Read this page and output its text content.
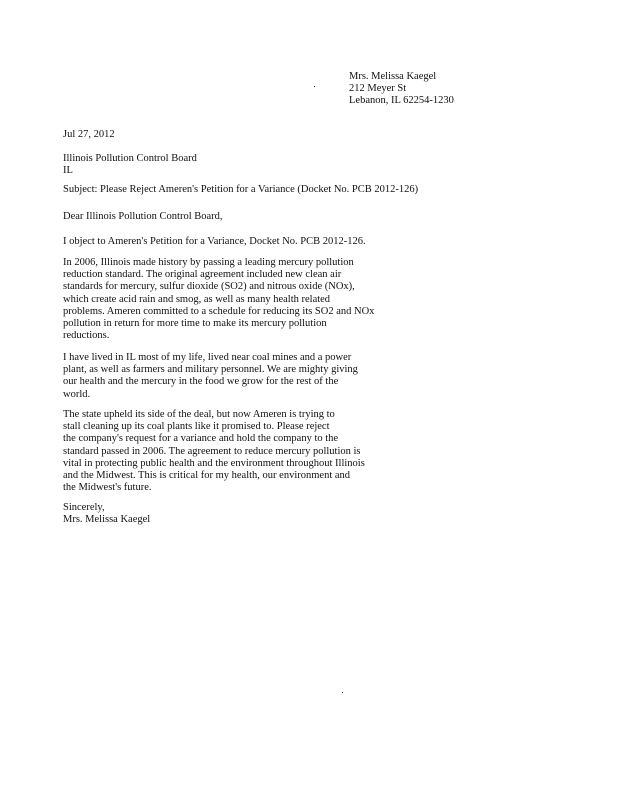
Mrs. Melissa Kaegel
212 Meyer St
Lebanon, IL 62254-1230
Jul 27, 2012
Illinois Pollution Control Board
IL
Subject: Please Reject Ameren's Petition for a Variance (Docket No. PCB 2012-126)
Dear Illinois Pollution Control Board,
I object to Ameren's Petition for a Variance, Docket No. PCB 2012-126.
In 2006, Illinois made history by passing a leading mercury pollution
reduction standard. The original agreement included new clean air
standards for mercury, sulfur dioxide (SO2) and nitrous oxide (NOx),
which create acid rain and smog, as well as many health related
problems. Ameren committed to a schedule for reducing its SO2 and NOx
pollution in return for more time to make its mercury pollution
reductions.
I have lived in IL most of my life, lived near coal mines and a power
plant, as well as farmers and military personnel. We are mighty giving
our health and the mercury in the food we grow for the rest of the
world.
The state upheld its side of the deal, but now Ameren is trying to
stall cleaning up its coal plants like it promised to. Please reject
the company's request for a variance and hold the company to the
standard passed in 2006. The agreement to reduce mercury pollution is
vital in protecting public health and the environment throughout Illinois
and the Midwest. This is critical for my health, our environment and
the Midwest's future.
Sincerely,
Mrs. Melissa Kaegel
